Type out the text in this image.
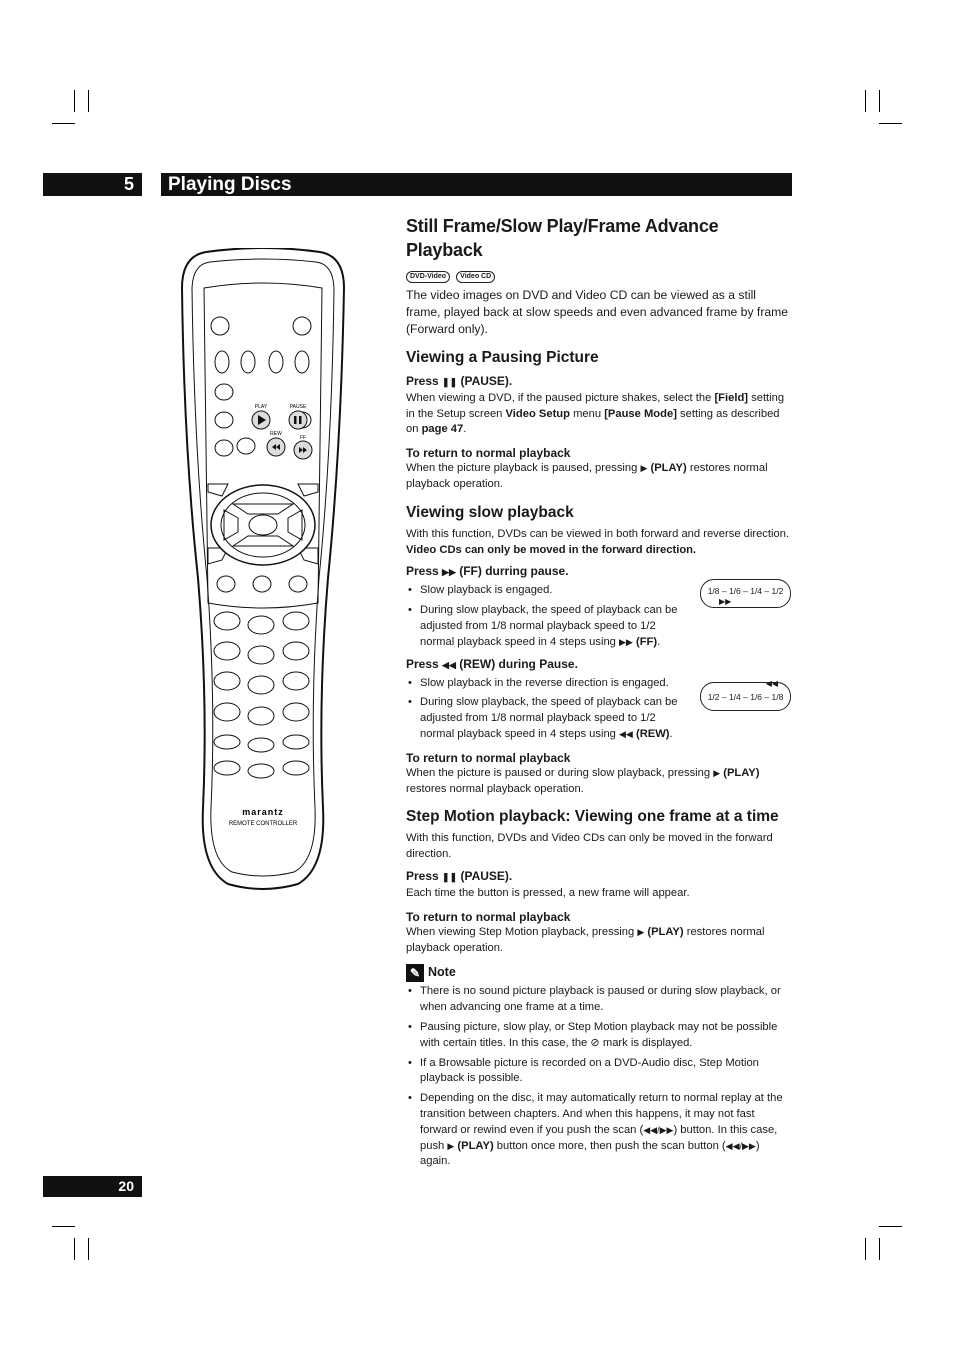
5	Playing Discs
PLAY	PAUSE
REW
FF
marantz
REMOTE CONTROLLER
Still Frame/Slow Play/Frame Advance Playback
DVD-Video Video CD

The video images on DVD and Video CD can be viewed as a still frame, played back at slow speeds and even advanced frame by frame (Forward only).

Viewing a Pausing Picture

Press ❚❚ (PAUSE).

When viewing a DVD, if the paused picture shakes, select the [Field] setting in the Setup screen Video Setup menu [Pause Mode] setting as described on page 47.

To return to normal playback

When the picture playback is paused, pressing ▶ (PLAY) restores normal playback operation.

Viewing slow playback

With this function, DVDs can be viewed in both forward and reverse direction. Video CDs can only be moved in the forward direction.

Press ▶▶ (FF) durring pause.

• Slow playback is engaged.
• During slow playback, the speed of playback can be adjusted from 1/8 normal playback speed to 1/2 normal playback speed in 4 steps using ▶▶ (FF).

Press ◀◀ (REW) during Pause.

• Slow playback in the reverse direction is engaged.
• During slow playback, the speed of playback can be adjusted from 1/8 normal playback speed to 1/2 normal playback speed in 4 steps using ◀◀ (REW).

To return to normal playback

When the picture is paused or during slow playback, pressing ▶ (PLAY) restores normal playback operation.

Step Motion playback: Viewing one frame at a time

With this function, DVDs and Video CDs can only be moved in the forward direction.

Press ❚❚ (PAUSE).

Each time the button is pressed, a new frame will appear.

To return to normal playback

When viewing Step Motion playback, pressing ▶ (PLAY) restores normal playback operation.

✎ Note
• There is no sound picture playback is paused or during slow playback, or when advancing one frame at a time.
• Pausing picture, slow play, or Step Motion playback may not be possible with certain titles. In this case, the ⊘ mark is displayed.
• If a Browsable picture is recorded on a DVD-Audio disc, Step Motion playback is possible.
• Depending on the disc, it may automatically return to normal replay at the transition between chapters. And when this happens, it may not fast forward or rewind even if you push the scan (◀◀/▶▶) button. In this case, push ▶ (PLAY) button once more, then push the scan button (◀◀/▶▶) again.
1/8 – 1/6 – 1/4 – 1/2
▶▶
◀◀
1/2 – 1/4 – 1/6 – 1/8
20
